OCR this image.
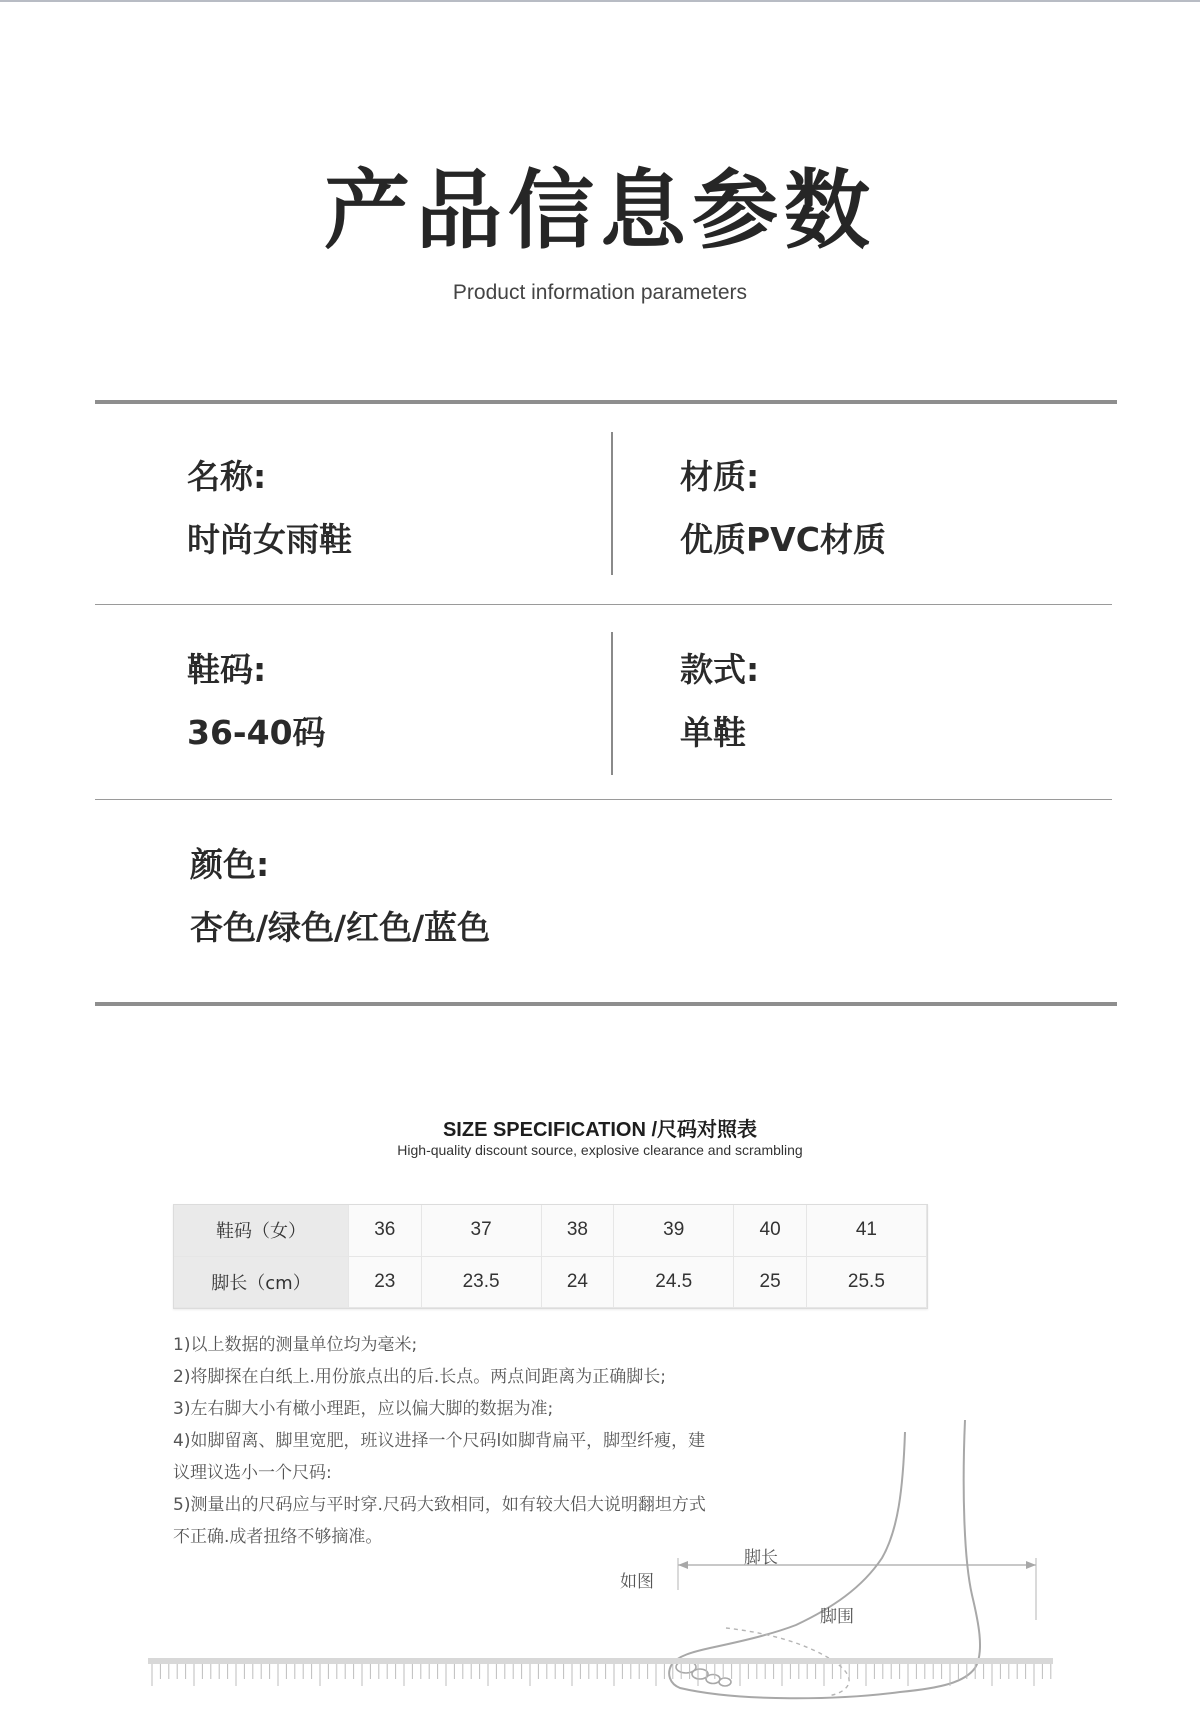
产品信息参数
Product information parameters
名称:
时尚女雨鞋
材质:
优质PVC材质
鞋码:
36-40码
款式:
单鞋
颜色:
杏色/绿色/红色/蓝色
SIZE SPECIFICATION /尺码对照表
High-quality discount source, explosive clearance and scrambling
鞋码（女）	36	37	38	39	40	41
脚长（cm）	23	23.5	24	24.5	25	25.5
1)以上数据的测量单位均为毫米;
2)将脚探在白纸上.用份旅点出的后.长点。两点间距离为正确脚长;
3)左右脚大小有橄小理距，应以偏大脚的数据为准;
4)如脚留离、脚里宽肥，班议进择一个尺码l如脚背扁平，脚型纤瘦，建
议理议选小一个尺码:
5)测量出的尺码应与平时穿.尺码大致相同，如有较大侣大说明翻坦方式
不正确.成者扭络不够摘准。
脚长
如图
脚围
